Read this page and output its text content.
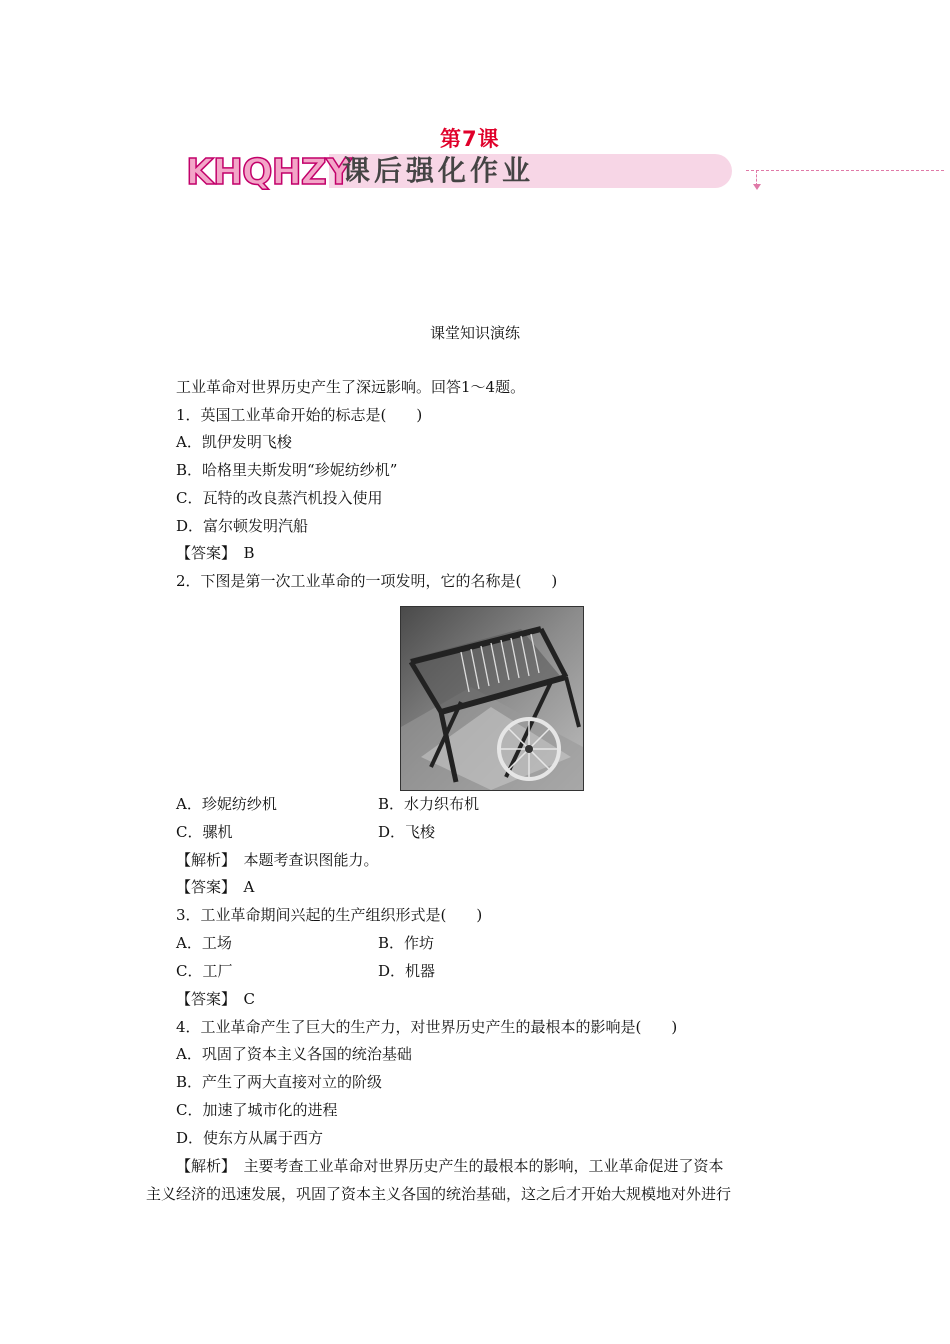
第7课
KHQHZY
课后强化作业
课堂知识演练
工业革命对世界历史产生了深远影响。回答1～4题。
1．英国工业革命开始的标志是(　　)
A．凯伊发明飞梭
B．哈格里夫斯发明“珍妮纺纱机”
C．瓦特的改良蒸汽机投入使用
D．富尔顿发明汽船
【答案】　B
2．下图是第一次工业革命的一项发明，它的名称是(　　)
A．珍妮纺纱机	B．水力织布机
C．骡机	D．飞梭
【解析】　本题考查识图能力。
【答案】　A
3．工业革命期间兴起的生产组织形式是(　　)
A．工场	B．作坊
C．工厂	D．机器
【答案】　C
4．工业革命产生了巨大的生产力，对世界历史产生的最根本的影响是(　　)
A．巩固了资本主义各国的统治基础
B．产生了两大直接对立的阶级
C．加速了城市化的进程
D．使东方从属于西方
【解析】　主要考查工业革命对世界历史产生的最根本的影响，工业革命促进了资本
主义经济的迅速发展，巩固了资本主义各国的统治基础，这之后才开始大规模地对外进行
